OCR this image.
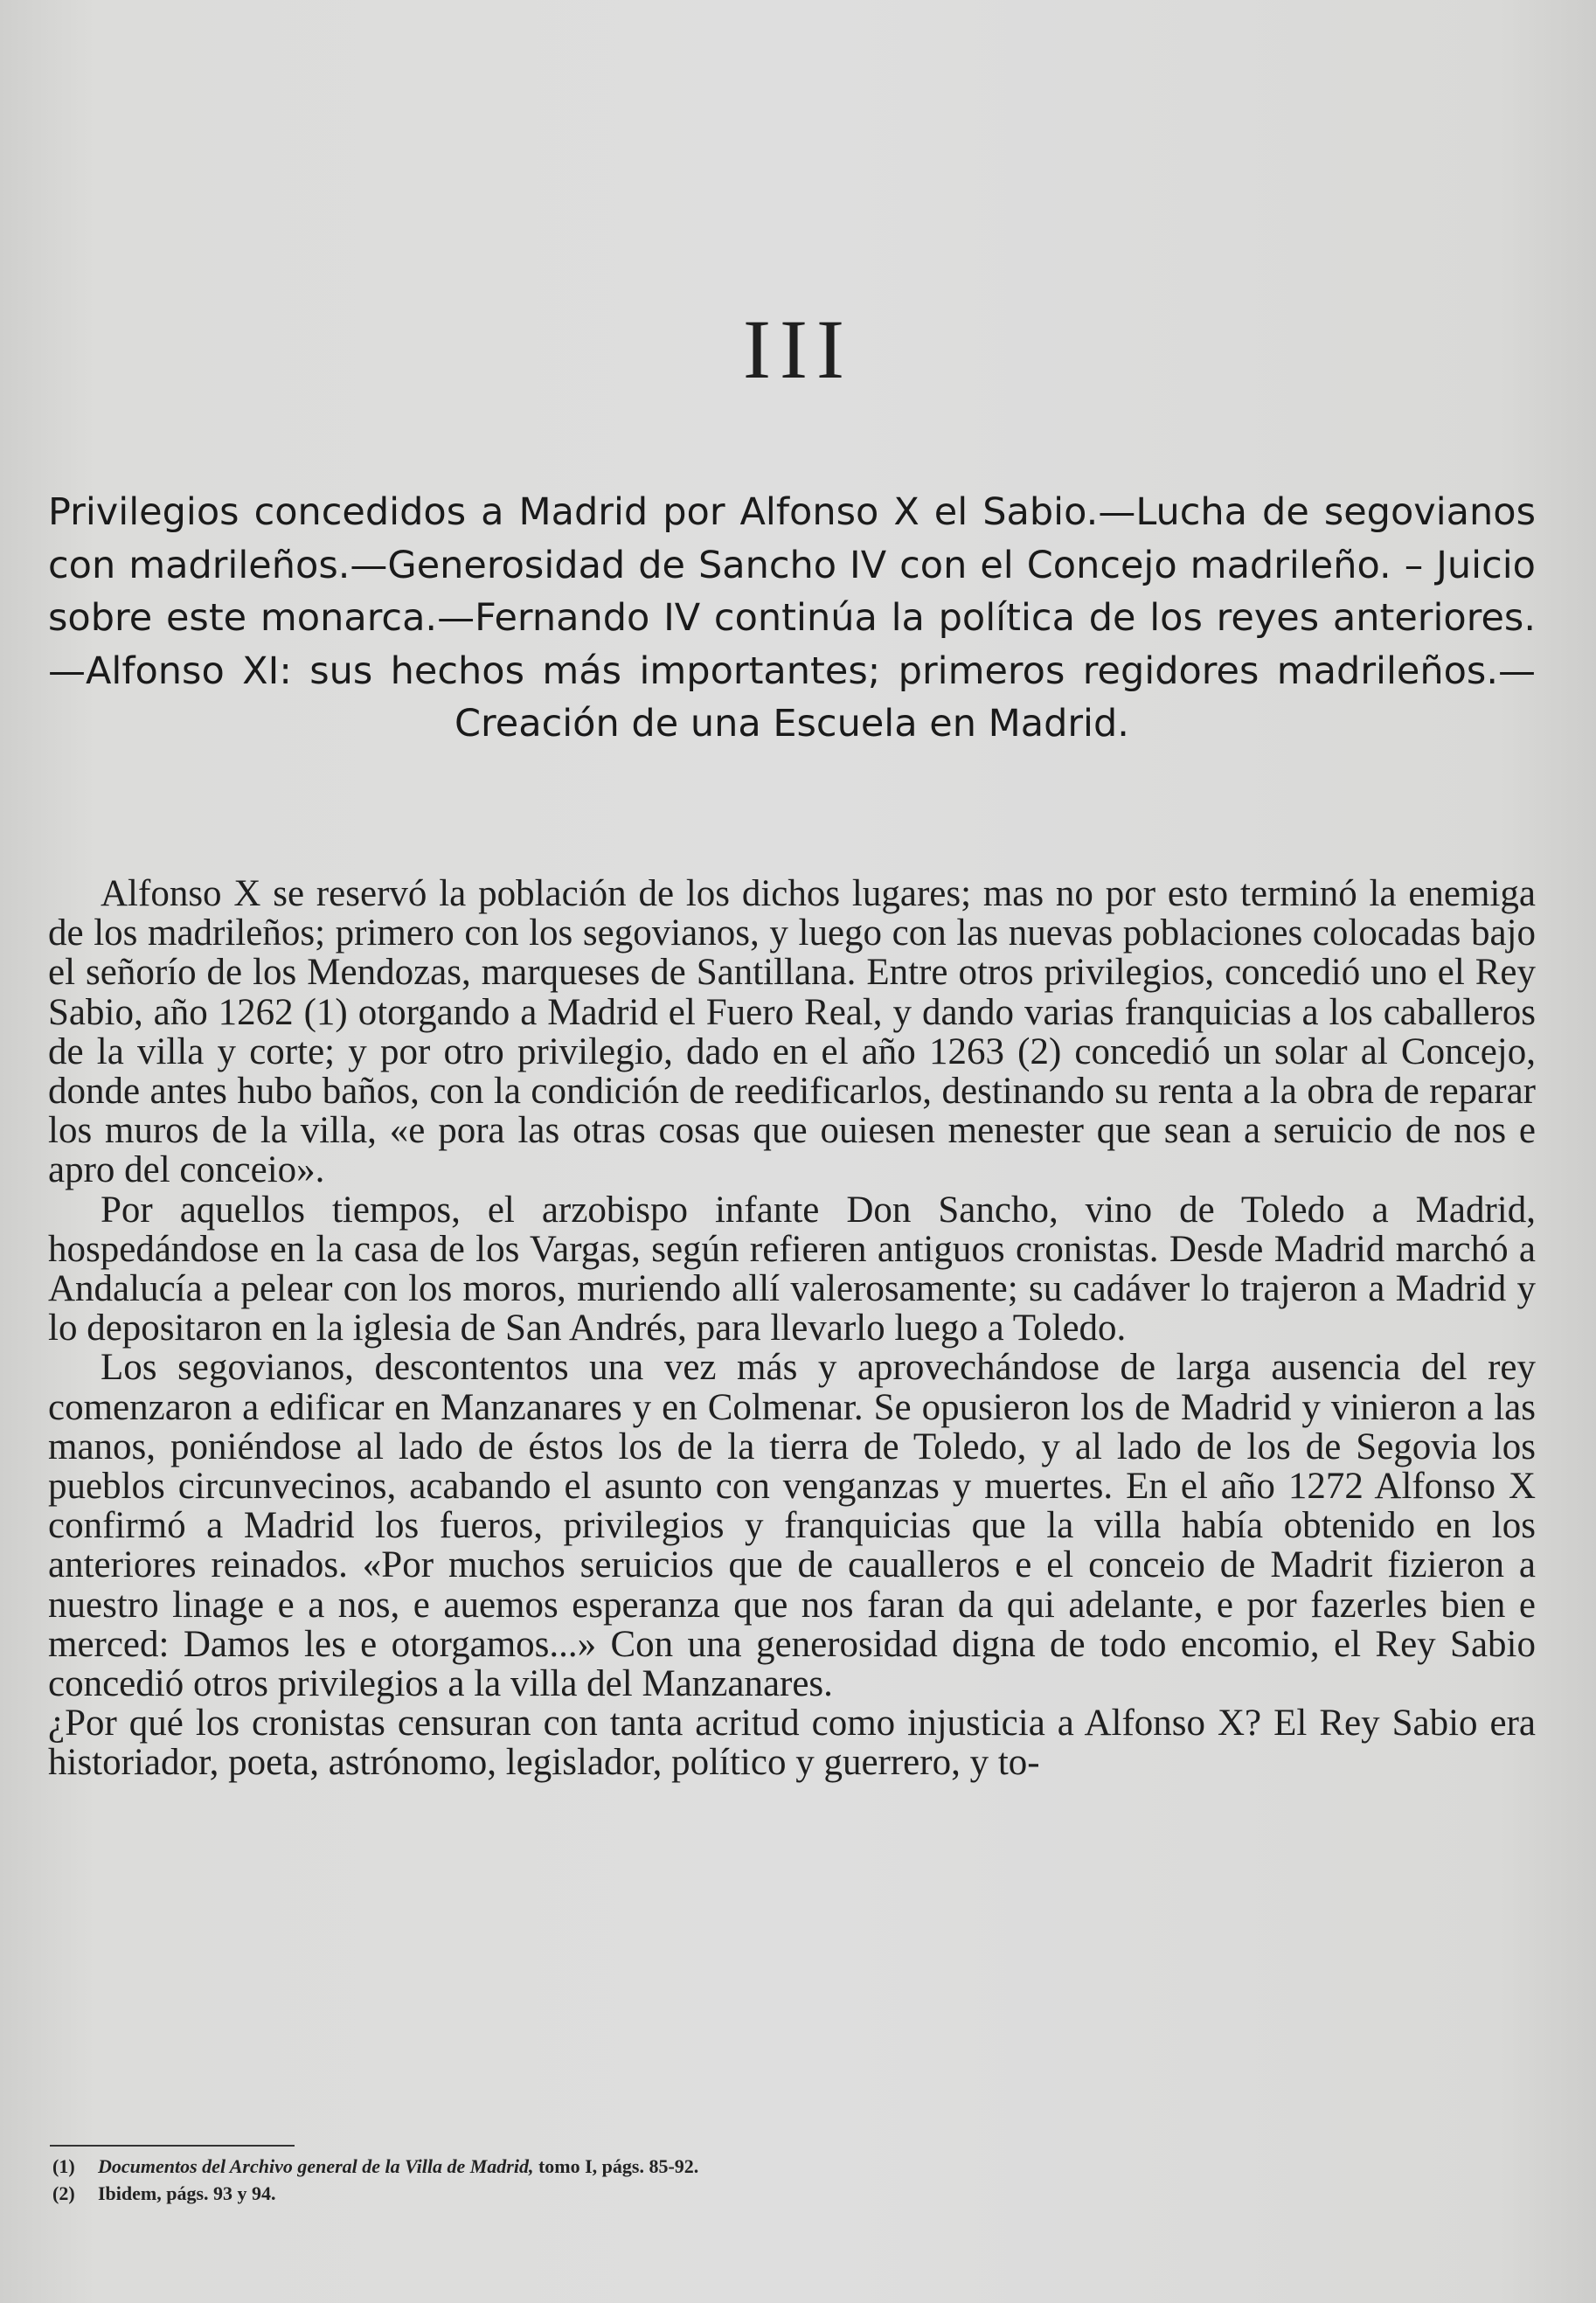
III

Privilegios concedidos a Madrid por Alfonso X el Sabio.—Lucha de segovianos con madrileños.—Generosidad de Sancho IV con el Concejo madrileño. – Juicio sobre este monarca.—Fernando IV continúa la política de los reyes anteriores.—Alfonso XI: sus hechos más importantes; primeros regidores madrileños.—Creación de una Escuela en Madrid.

Alfonso X se reservó la población de los dichos lugares; mas no por esto terminó la enemiga de los madrileños; primero con los segovianos, y luego con las nuevas poblaciones colocadas bajo el señorío de los Mendozas, marqueses de Santillana. Entre otros privilegios, concedió uno el Rey Sabio, año 1262 (1) otorgando a Madrid el Fuero Real, y dando varias franquicias a los caballeros de la villa y corte; y por otro privilegio, dado en el año 1263 (2) concedió un solar al Concejo, donde antes hubo baños, con la condición de reedificarlos, destinando su renta a la obra de reparar los muros de la villa, «e pora las otras cosas que ouiesen menester que sean a seruicio de nos e apro del conceio».

Por aquellos tiempos, el arzobispo infante Don Sancho, vino de Toledo a Madrid, hospedándose en la casa de los Vargas, según refieren antiguos cronistas. Desde Madrid marchó a Andalucía a pelear con los moros, muriendo allí valerosamente; su cadáver lo trajeron a Madrid y lo depositaron en la iglesia de San Andrés, para llevarlo luego a Toledo.

Los segovianos, descontentos una vez más y aprovechándose de larga ausencia del rey comenzaron a edificar en Manzanares y en Colmenar. Se opusieron los de Madrid y vinieron a las manos, poniéndose al lado de éstos los de la tierra de Toledo, y al lado de los de Segovia los pueblos circunvecinos, acabando el asunto con venganzas y muertes. En el año 1272 Alfonso X confirmó a Madrid los fueros, privilegios y franquicias que la villa había obtenido en los anteriores reinados. «Por muchos seruicios que de caualleros e el conceio de Madrit fizieron a nuestro linage e a nos, e auemos esperanza que nos faran da qui adelante, e por fazerles bien e merced: Damos les e otorgamos...» Con una generosidad digna de todo encomio, el Rey Sabio concedió otros privilegios a la villa del Manzanares.

¿Por qué los cronistas censuran con tanta acritud como injusticia a Alfonso X? El Rey Sabio era historiador, poeta, astrónomo, legislador, político y guerrero, y to-

(1)	Documentos del Archivo general de la Villa de Madrid, tomo I, págs. 85-92.
(2)	Ibidem, págs. 93 y 94.
